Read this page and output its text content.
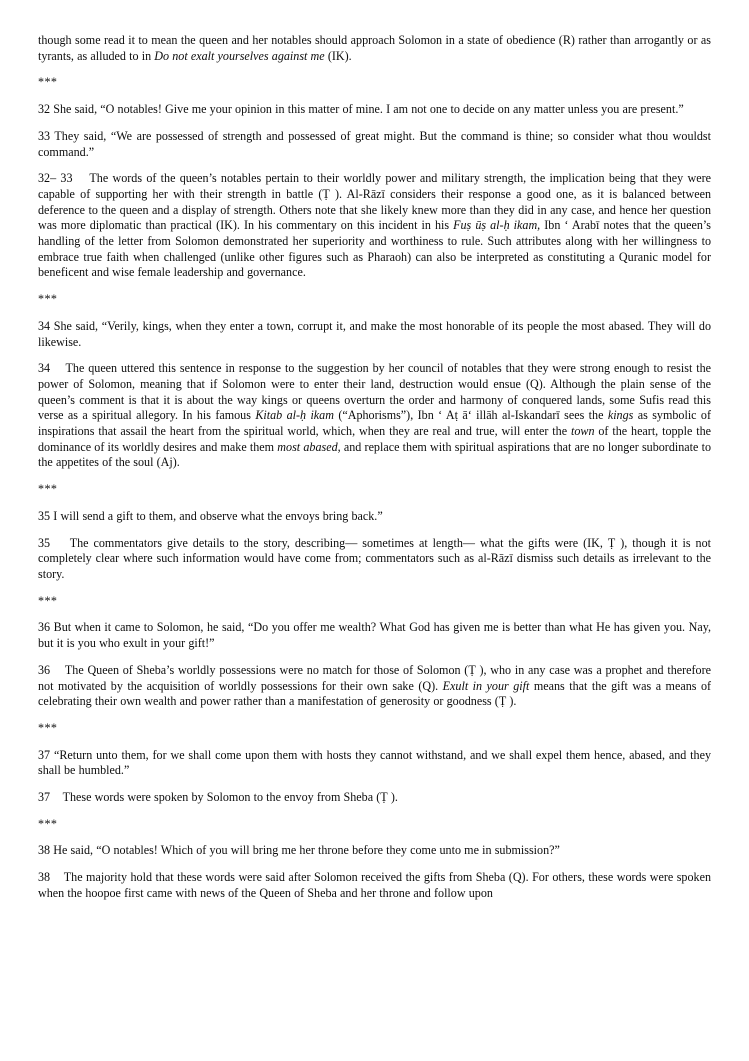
though some read it to mean the queen and her notables should approach Solomon in a state of obedience (R) rather than arrogantly or as tyrants, as alluded to in Do not exalt yourselves against me (IK).

***

32 She said, “O notables! Give me your opinion in this matter of mine. I am not one to decide on any matter unless you are present.”

33 They said, “We are possessed of strength and possessed of great might. But the command is thine; so consider what thou wouldst command.”

32– 33 The words of the queen’s notables pertain to their worldly power and military strength, the implication being that they were capable of supporting her with their strength in battle (Ṭ ). Al-Rāzī considers their response a good one, as it is balanced between deference to the queen and a display of strength. Others note that she likely knew more than they did in any case, and hence her question was more diplomatic than practical (IK). In his commentary on this incident in his Fuṣ ūṣ al-ḥ ikam, Ibn ʻ Arabī notes that the queen’s handling of the letter from Solomon demonstrated her superiority and worthiness to rule. Such attributes along with her willingness to embrace true faith when challenged (unlike other figures such as Pharaoh) can also be interpreted as constituting a Quranic model for beneficent and wise female leadership and governance.

***

34 She said, “Verily, kings, when they enter a town, corrupt it, and make the most honorable of its people the most abased. They will do likewise.

34 The queen uttered this sentence in response to the suggestion by her council of notables that they were strong enough to resist the power of Solomon, meaning that if Solomon were to enter their land, destruction would ensue (Q). Although the plain sense of the queen’s comment is that it is about the way kings or queens overturn the order and harmony of conquered lands, some Sufis read this verse as a spiritual allegory. In his famous Kitab al-ḥ ikam (“Aphorisms”), Ibn ʻ Aṭ āʻ illāh al-Iskandarī sees the kings as symbolic of inspirations that assail the heart from the spiritual world, which, when they are real and true, will enter the town of the heart, topple the dominance of its worldly desires and make them most abased, and replace them with spiritual aspirations that are no longer subordinate to the appetites of the soul (Aj).

***

35 I will send a gift to them, and observe what the envoys bring back.”

35 The commentators give details to the story, describing— sometimes at length— what the gifts were (IK, Ṭ ), though it is not completely clear where such information would have come from; commentators such as al-Rāzī dismiss such details as irrelevant to the story.

***

36 But when it came to Solomon, he said, “Do you offer me wealth? What God has given me is better than what He has given you. Nay, but it is you who exult in your gift!”

36 The Queen of Sheba’s worldly possessions were no match for those of Solomon (Ṭ ), who in any case was a prophet and therefore not motivated by the acquisition of worldly possessions for their own sake (Q). Exult in your gift means that the gift was a means of celebrating their own wealth and power rather than a manifestation of generosity or goodness (Ṭ ).

***

37 “Return unto them, for we shall come upon them with hosts they cannot withstand, and we shall expel them hence, abased, and they shall be humbled.”

37 These words were spoken by Solomon to the envoy from Sheba (Ṭ ).

***

38 He said, “O notables! Which of you will bring me her throne before they come unto me in submission?”

38 The majority hold that these words were said after Solomon received the gifts from Sheba (Q). For others, these words were spoken when the hoopoe first came with news of the Queen of Sheba and her throne and follow upon
